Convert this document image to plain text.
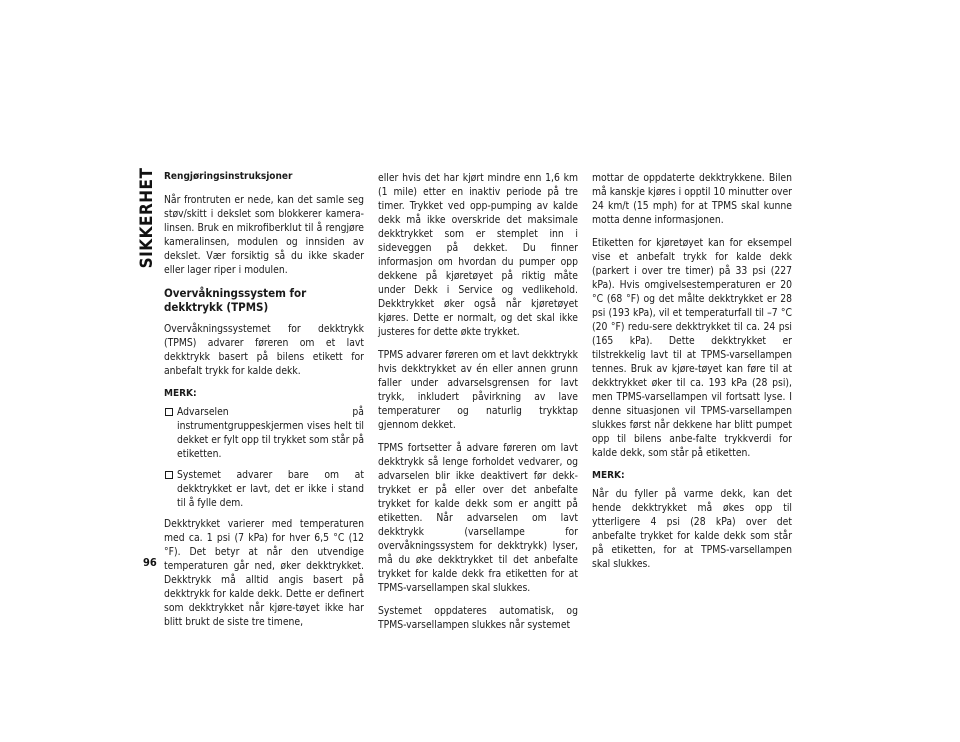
SIKKERHET Rengjøringsinstruksjoner

Når frontruten er nede, kan det samle seg støv/skitt i dekslet som blokkerer kamera-linsen. Bruk en mikrofiberklut til å rengjøre kameralinsen, modulen og innsiden av dekslet. Vær forsiktig så du ikke skader eller lager riper i modulen.

Overvåkningssystem for dekktrykk (TPMS)

Overvåkningssystemet for dekktrykk (TPMS) advarer føreren om et lavt dekktrykk basert på bilens etikett for anbefalt trykk for kalde dekk.

MERK:
Advarselen på instrumentgruppeskjermen vises helt til dekket er fylt opp til trykket som står på etiketten.
Systemet advarer bare om at dekktrykket er lavt, det er ikke i stand til å fylle dem.

Dekktrykket varierer med temperaturen med ca. 1 psi (7 kPa) for hver 6,5 °C (12 °F). Det betyr at når den utvendige temperaturen går ned, øker dekktrykket. Dekktrykk må alltid angis basert på dekktrykk for kalde dekk. Dette er definert som dekktrykket når kjøre-tøyet ikke har blitt brukt de siste tre timene,

eller hvis det har kjørt mindre enn 1,6 km (1 mile) etter en inaktiv periode på tre timer. Trykket ved opp-pumping av kalde dekk må ikke overskride det maksimale dekktrykket som er stemplet inn i sideveggen på dekket. Du finner informasjon om hvordan du pumper opp dekkene på kjøretøyet på riktig måte under Dekk i Service og vedlikehold. Dekktrykket øker også når kjøretøyet kjøres. Dette er normalt, og det skal ikke justeres for dette økte trykket.

TPMS advarer føreren om et lavt dekktrykk hvis dekktrykket av én eller annen grunn faller under advarselsgrensen for lavt trykk, inkludert påvirkning av lave temperaturer og naturlig trykktap gjennom dekket.

TPMS fortsetter å advare føreren om lavt dekktrykk så lenge forholdet vedvarer, og advarselen blir ikke deaktivert før dekk-trykket er på eller over det anbefalte trykket for kalde dekk som er angitt på etiketten. Når advarselen om lavt dekktrykk (varsellampe for overvåkningssystem for dekktrykk) lyser, må du øke dekktrykket til det anbefalte trykket for kalde dekk fra etiketten for at TPMS-varsellampen skal slukkes.

Systemet oppdateres automatisk, og TPMS-varsellampen slukkes når systemet

mottar de oppdaterte dekktrykkene. Bilen må kanskje kjøres i opptil 10 minutter over 24 km/t (15 mph) for at TPMS skal kunne motta denne informasjonen.

Etiketten for kjøretøyet kan for eksempel vise et anbefalt trykk for kalde dekk (parkert i over tre timer) på 33 psi (227 kPa). Hvis omgivelsestemperaturen er 20 °C (68 °F) og det målte dekktrykket er 28 psi (193 kPa), vil et temperaturfall til –7 °C (20 °F) redu-sere dekktrykket til ca. 24 psi (165 kPa). Dette dekktrykket er tilstrekkelig lavt til at TPMS-varsellampen tennes. Bruk av kjøre-tøyet kan føre til at dekktrykket øker til ca. 193 kPa (28 psi), men TPMS-varsellampen vil fortsatt lyse. I denne situasjonen vil TPMS-varsellampen slukkes først når dekkene har blitt pumpet opp til bilens anbe-falte trykkverdi for kalde dekk, som står på etiketten.

MERK:

Når du fyller på varme dekk, kan det hende dekktrykket må økes opp til ytterligere 4 psi (28 kPa) over det anbefalte trykket for kalde dekk som står på etiketten, for at TPMS-varsellampen skal slukkes.

96
